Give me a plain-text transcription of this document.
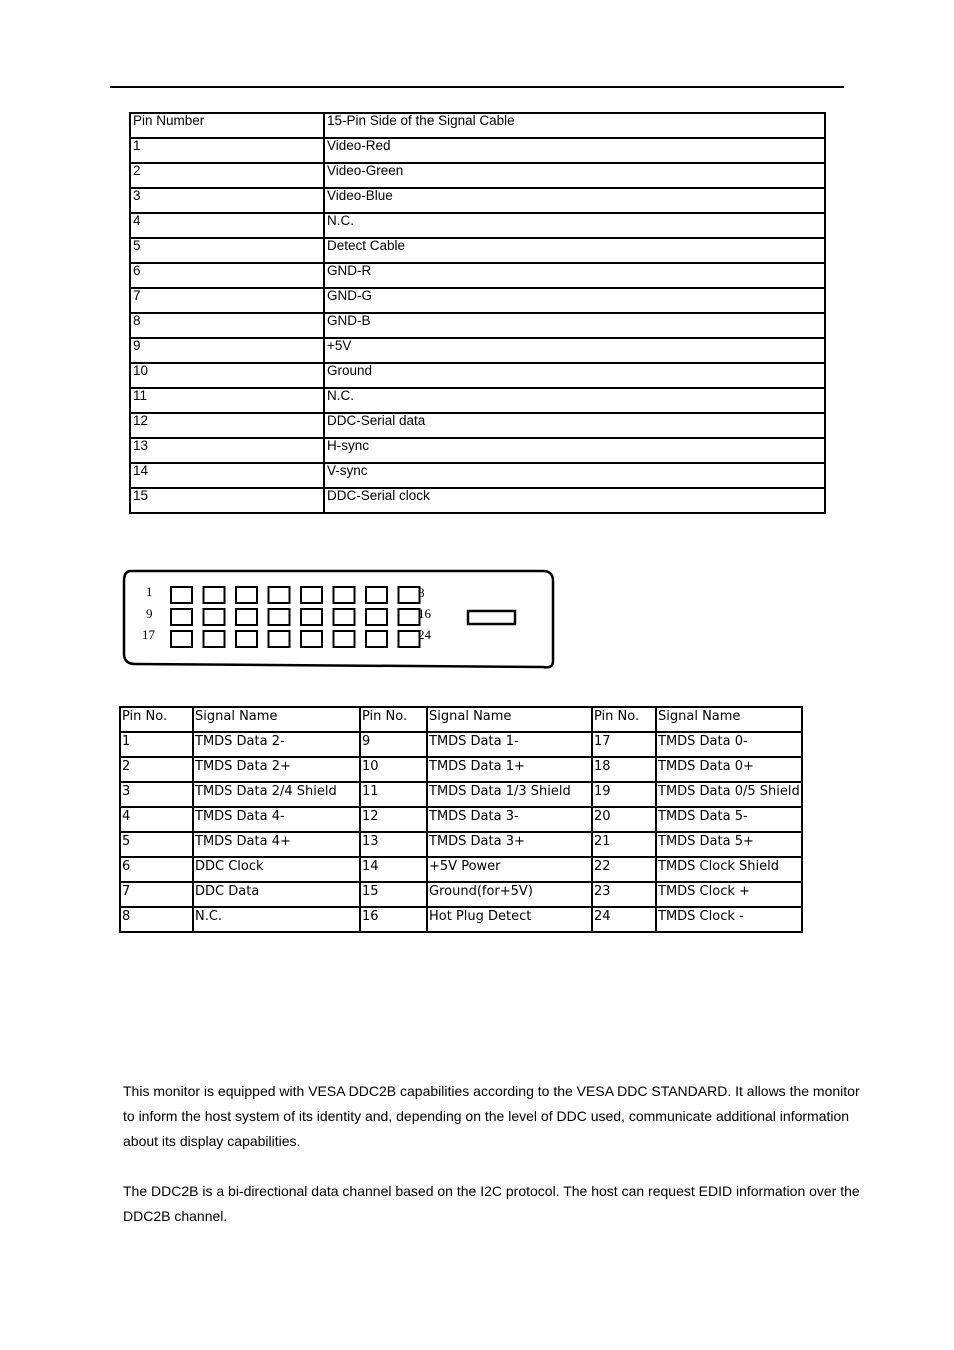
Pin Number	15-Pin Side of the Signal Cable
1	Video-Red
2	Video-Green
3	Video-Blue
4	N.C.
5	Detect Cable
6	GND-R
7	GND-G
8	GND-B
9	+5V
10	Ground
11	N.C.
12	DDC-Serial data
13	H-sync
14	V-sync
15	DDC-Serial clock
1
9
17
8
16
24
Pin No.	Signal Name	Pin No.	Signal Name	Pin No.	Signal Name
1	TMDS Data 2-	9	TMDS Data 1-	17	TMDS Data 0-
2	TMDS Data 2+	10	TMDS Data 1+	18	TMDS Data 0+
3	TMDS Data 2/4 Shield	11	TMDS Data 1/3 Shield	19	TMDS Data 0/5 Shield
4	TMDS Data 4-	12	TMDS Data 3-	20	TMDS Data 5-
5	TMDS Data 4+	13	TMDS Data 3+	21	TMDS Data 5+
6	DDC Clock	14	+5V Power	22	TMDS Clock Shield
7	DDC Data	15	Ground(for+5V)	23	TMDS Clock +
8	N.C.	16	Hot Plug Detect	24	TMDS Clock -

This monitor is equipped with VESA DDC2B capabilities according to the VESA DDC STANDARD. It allows the monitor to inform the host system of its identity and, depending on the level of DDC used, communicate additional information about its display capabilities.

The DDC2B is a bi-directional data channel based on the I2C protocol. The host can request EDID information over the DDC2B channel.
